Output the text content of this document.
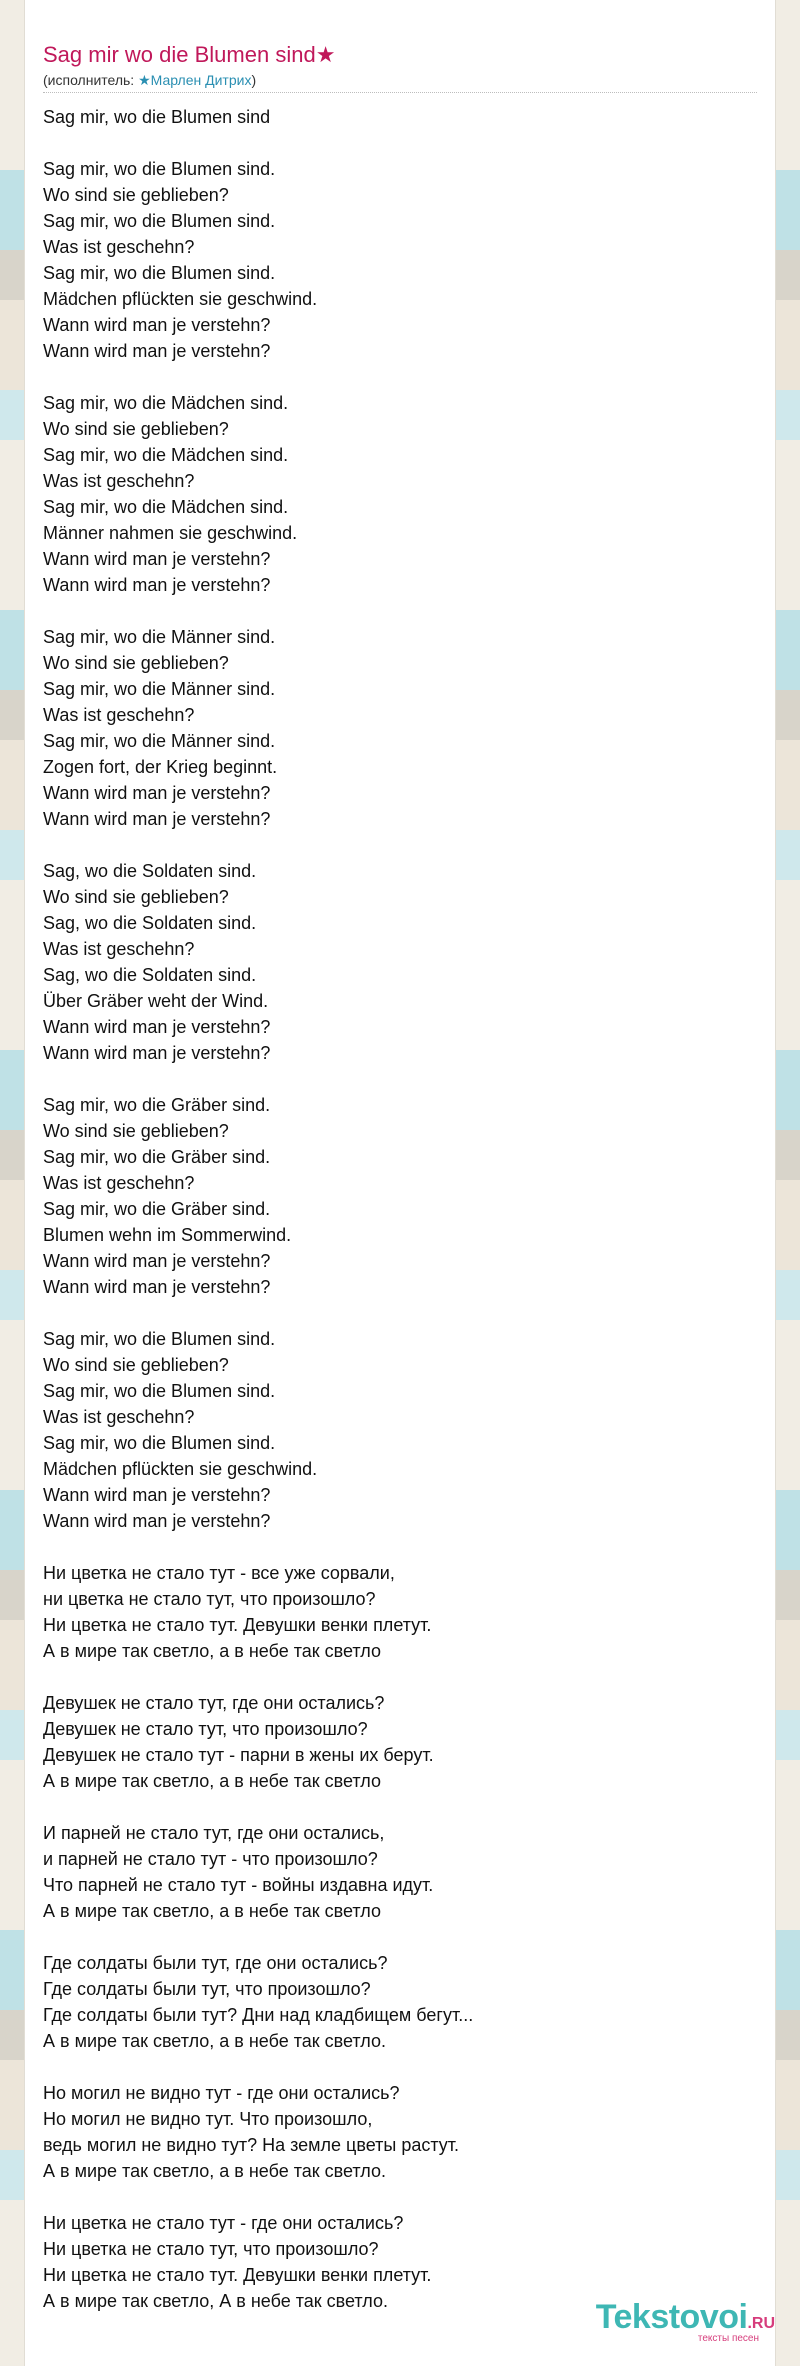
Sag mir wo die Blumen sind★
(исполнитель: ★Марлен Дитрих)
Sag mir, wo die Blumen sind
Sag mir, wo die Blumen sind.
Wo sind sie geblieben?
Sag mir, wo die Blumen sind.
Was ist geschehn?
Sag mir, wo die Blumen sind.
Mädchen pflückten sie geschwind.
Wann wird man je verstehn?
Wann wird man je verstehn?
Sag mir, wo die Mädchen sind.
Wo sind sie geblieben?
Sag mir, wo die Mädchen sind.
Was ist geschehn?
Sag mir, wo die Mädchen sind.
Männer nahmen sie geschwind.
Wann wird man je verstehn?
Wann wird man je verstehn?
Sag mir, wo die Männer sind.
Wo sind sie geblieben?
Sag mir, wo die Männer sind.
Was ist geschehn?
Sag mir, wo die Männer sind.
Zogen fort, der Krieg beginnt.
Wann wird man je verstehn?
Wann wird man je verstehn?
Sag, wo die Soldaten sind.
Wo sind sie geblieben?
Sag, wo die Soldaten sind.
Was ist geschehn?
Sag, wo die Soldaten sind.
Über Gräber weht der Wind.
Wann wird man je verstehn?
Wann wird man je verstehn?
Sag mir, wo die Gräber sind.
Wo sind sie geblieben?
Sag mir, wo die Gräber sind.
Was ist geschehn?
Sag mir, wo die Gräber sind.
Blumen wehn im Sommerwind.
Wann wird man je verstehn?
Wann wird man je verstehn?
Sag mir, wo die Blumen sind.
Wo sind sie geblieben?
Sag mir, wo die Blumen sind.
Was ist geschehn?
Sag mir, wo die Blumen sind.
Mädchen pflückten sie geschwind.
Wann wird man je verstehn?
Wann wird man je verstehn?
Ни цветка не стало тут - все уже сорвали,
ни цветка не стало тут, что произошло?
Ни цветка не стало тут. Девушки венки плетут.
А в мире так светло, а в небе так светло
Девушек не стало тут, где они остались?
Девушек не стало тут, что произошло?
Девушек не стало тут - парни в жены их берут.
А в мире так светло, а в небе так светло
И парней не стало тут, где они остались,
и парней не стало тут - что произошло?
Что парней не стало тут - войны издавна идут.
А в мире так светло, а в небе так светло
Где солдаты были тут, где они остались?
Где солдаты были тут, что произошло?
Где солдаты были тут? Дни над кладбищем бегут...
А в мире так светло, а в небе так светло.
Но могил не видно тут - где они остались?
Но могил не видно тут. Что произошло,
ведь могил не видно тут? На земле цветы растут.
А в мире так светло, а в небе так светло.
Ни цветка не стало тут - где они остались?
Ни цветка не стало тут, что произошло?
Ни цветка не стало тут. Девушки венки плетут.
А в мире так светло, А в небе так светло.	Tekstovoi.RU
тексты песен
